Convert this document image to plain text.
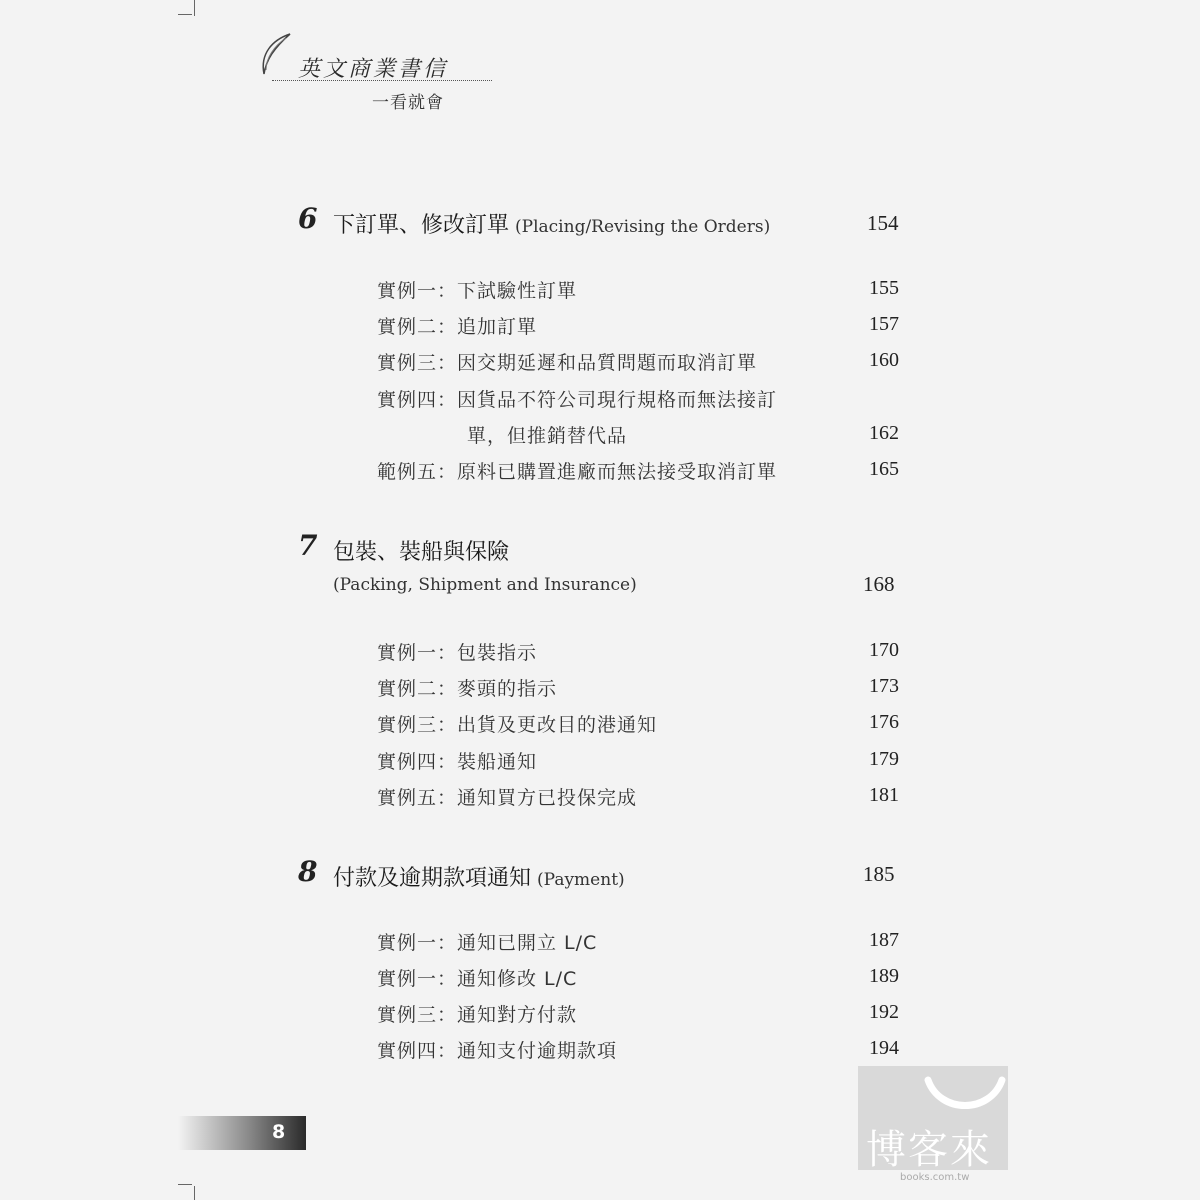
英文商業書信
一看就會
6 下訂單、修改訂單 (Placing/Revising the Orders)	154
實例一：下試驗性訂單	155
實例二：追加訂單	157
實例三：因交期延遲和品質問題而取消訂單	160
實例四：因貨品不符公司現行規格而無法接訂
單，但推銷替代品	162
範例五：原料已購置進廠而無法接受取消訂單	165
7 包裝、裝船與保險
(Packing, Shipment and Insurance)	168
實例一：包裝指示	170
實例二：麥頭的指示	173
實例三：出貨及更改目的港通知	176
實例四：裝船通知	179
實例五：通知買方已投保完成	181
8 付款及逾期款項通知 (Payment)	185
實例一：通知已開立 L/C	187
實例一：通知修改 L/C	189
實例三：通知對方付款	192
實例四：通知支付逾期款項	194
博客來
books.com.tw
8
